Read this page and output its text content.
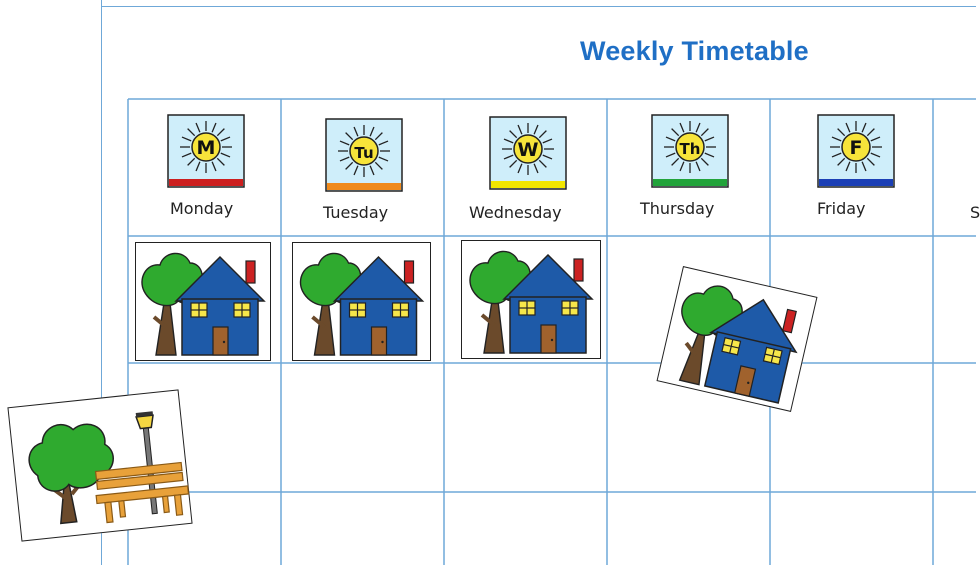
Weekly Timetable
M	Tu	W	Th	F
Monday	Tuesday	Wednesday	Thursday	Friday	S
